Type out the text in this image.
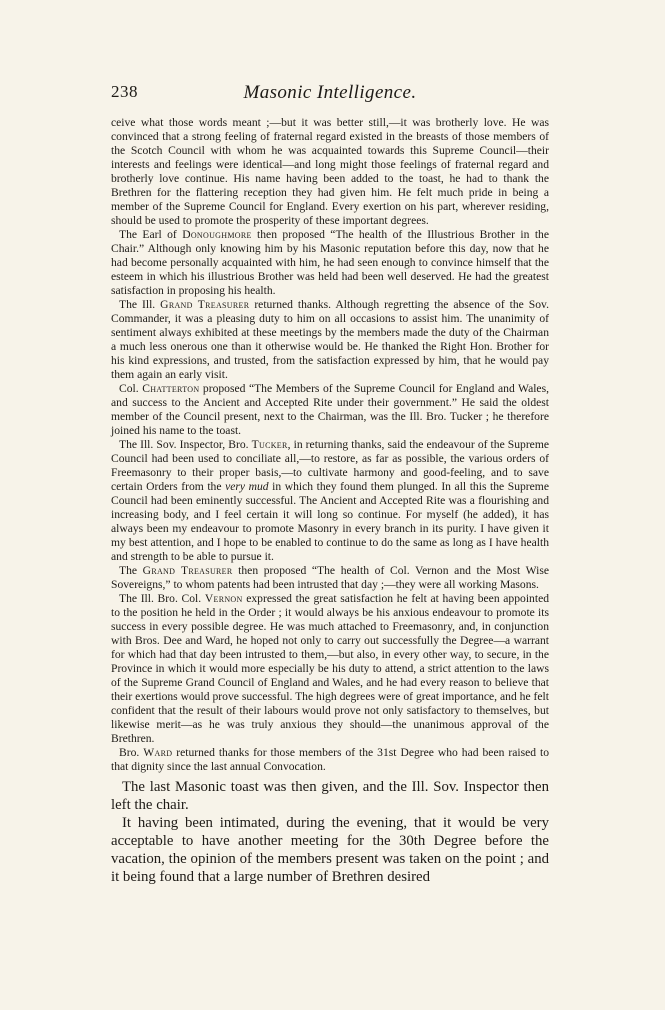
238	Masonic Intelligence.

ceive what those words meant ;—but it was better still,—it was brotherly love. He was convinced that a strong feeling of fraternal regard existed in the breasts of those members of the Scotch Council with whom he was acquainted towards this Supreme Council—their interests and feelings were identical—and long might those feelings of fraternal regard and brotherly love continue. His name having been added to the toast, he had to thank the Brethren for the flattering reception they had given him. He felt much pride in being a member of the Supreme Council for England. Every exertion on his part, wherever residing, should be used to promote the prosperity of these important degrees.

The Earl of Donoughmore then proposed “The health of the Illustrious Brother in the Chair.” Although only knowing him by his Masonic reputation before this day, now that he had become personally acquainted with him, he had seen enough to convince himself that the esteem in which his illustrious Brother was held had been well deserved. He had the greatest satisfaction in proposing his health.

The Ill. Grand Treasurer returned thanks. Although regretting the absence of the Sov. Commander, it was a pleasing duty to him on all occasions to assist him. The unanimity of sentiment always exhibited at these meetings by the members made the duty of the Chairman a much less onerous one than it otherwise would be. He thanked the Right Hon. Brother for his kind expressions, and trusted, from the satisfaction expressed by him, that he would pay them again an early visit.

Col. Chatterton proposed “The Members of the Supreme Council for England and Wales, and success to the Ancient and Accepted Rite under their government.” He said the oldest member of the Council present, next to the Chairman, was the Ill. Bro. Tucker ; he therefore joined his name to the toast.

The Ill. Sov. Inspector, Bro. Tucker, in returning thanks, said the endeavour of the Supreme Council had been used to conciliate all,—to restore, as far as possible, the various orders of Freemasonry to their proper basis,—to cultivate harmony and good-feeling, and to save certain Orders from the very mud in which they found them plunged. In all this the Supreme Council had been eminently successful. The Ancient and Accepted Rite was a flourishing and increasing body, and I feel certain it will long so continue. For myself (he added), it has always been my endeavour to promote Masonry in every branch in its purity. I have given it my best attention, and I hope to be enabled to continue to do the same as long as I have health and strength to be able to pursue it.

The Grand Treasurer then proposed “The health of Col. Vernon and the Most Wise Sovereigns,” to whom patents had been intrusted that day ;—they were all working Masons.

The Ill. Bro. Col. Vernon expressed the great satisfaction he felt at having been appointed to the position he held in the Order ; it would always be his anxious endeavour to promote its success in every possible degree. He was much attached to Freemasonry, and, in conjunction with Bros. Dee and Ward, he hoped not only to carry out successfully the Degree—a warrant for which had that day been intrusted to them,—but also, in every other way, to secure, in the Province in which it would more especially be his duty to attend, a strict attention to the laws of the Supreme Grand Council of England and Wales, and he had every reason to believe that their exertions would prove successful. The high degrees were of great importance, and he felt confident that the result of their labours would prove not only satisfactory to themselves, but likewise merit—as he was truly anxious they should—the unanimous approval of the Brethren.

Bro. Ward returned thanks for those members of the 31st Degree who had been raised to that dignity since the last annual Convocation.

The last Masonic toast was then given, and the Ill. Sov. Inspector then left the chair.

It having been intimated, during the evening, that it would be very acceptable to have another meeting for the 30th Degree before the vacation, the opinion of the members present was taken on the point ; and it being found that a large number of Brethren desired
